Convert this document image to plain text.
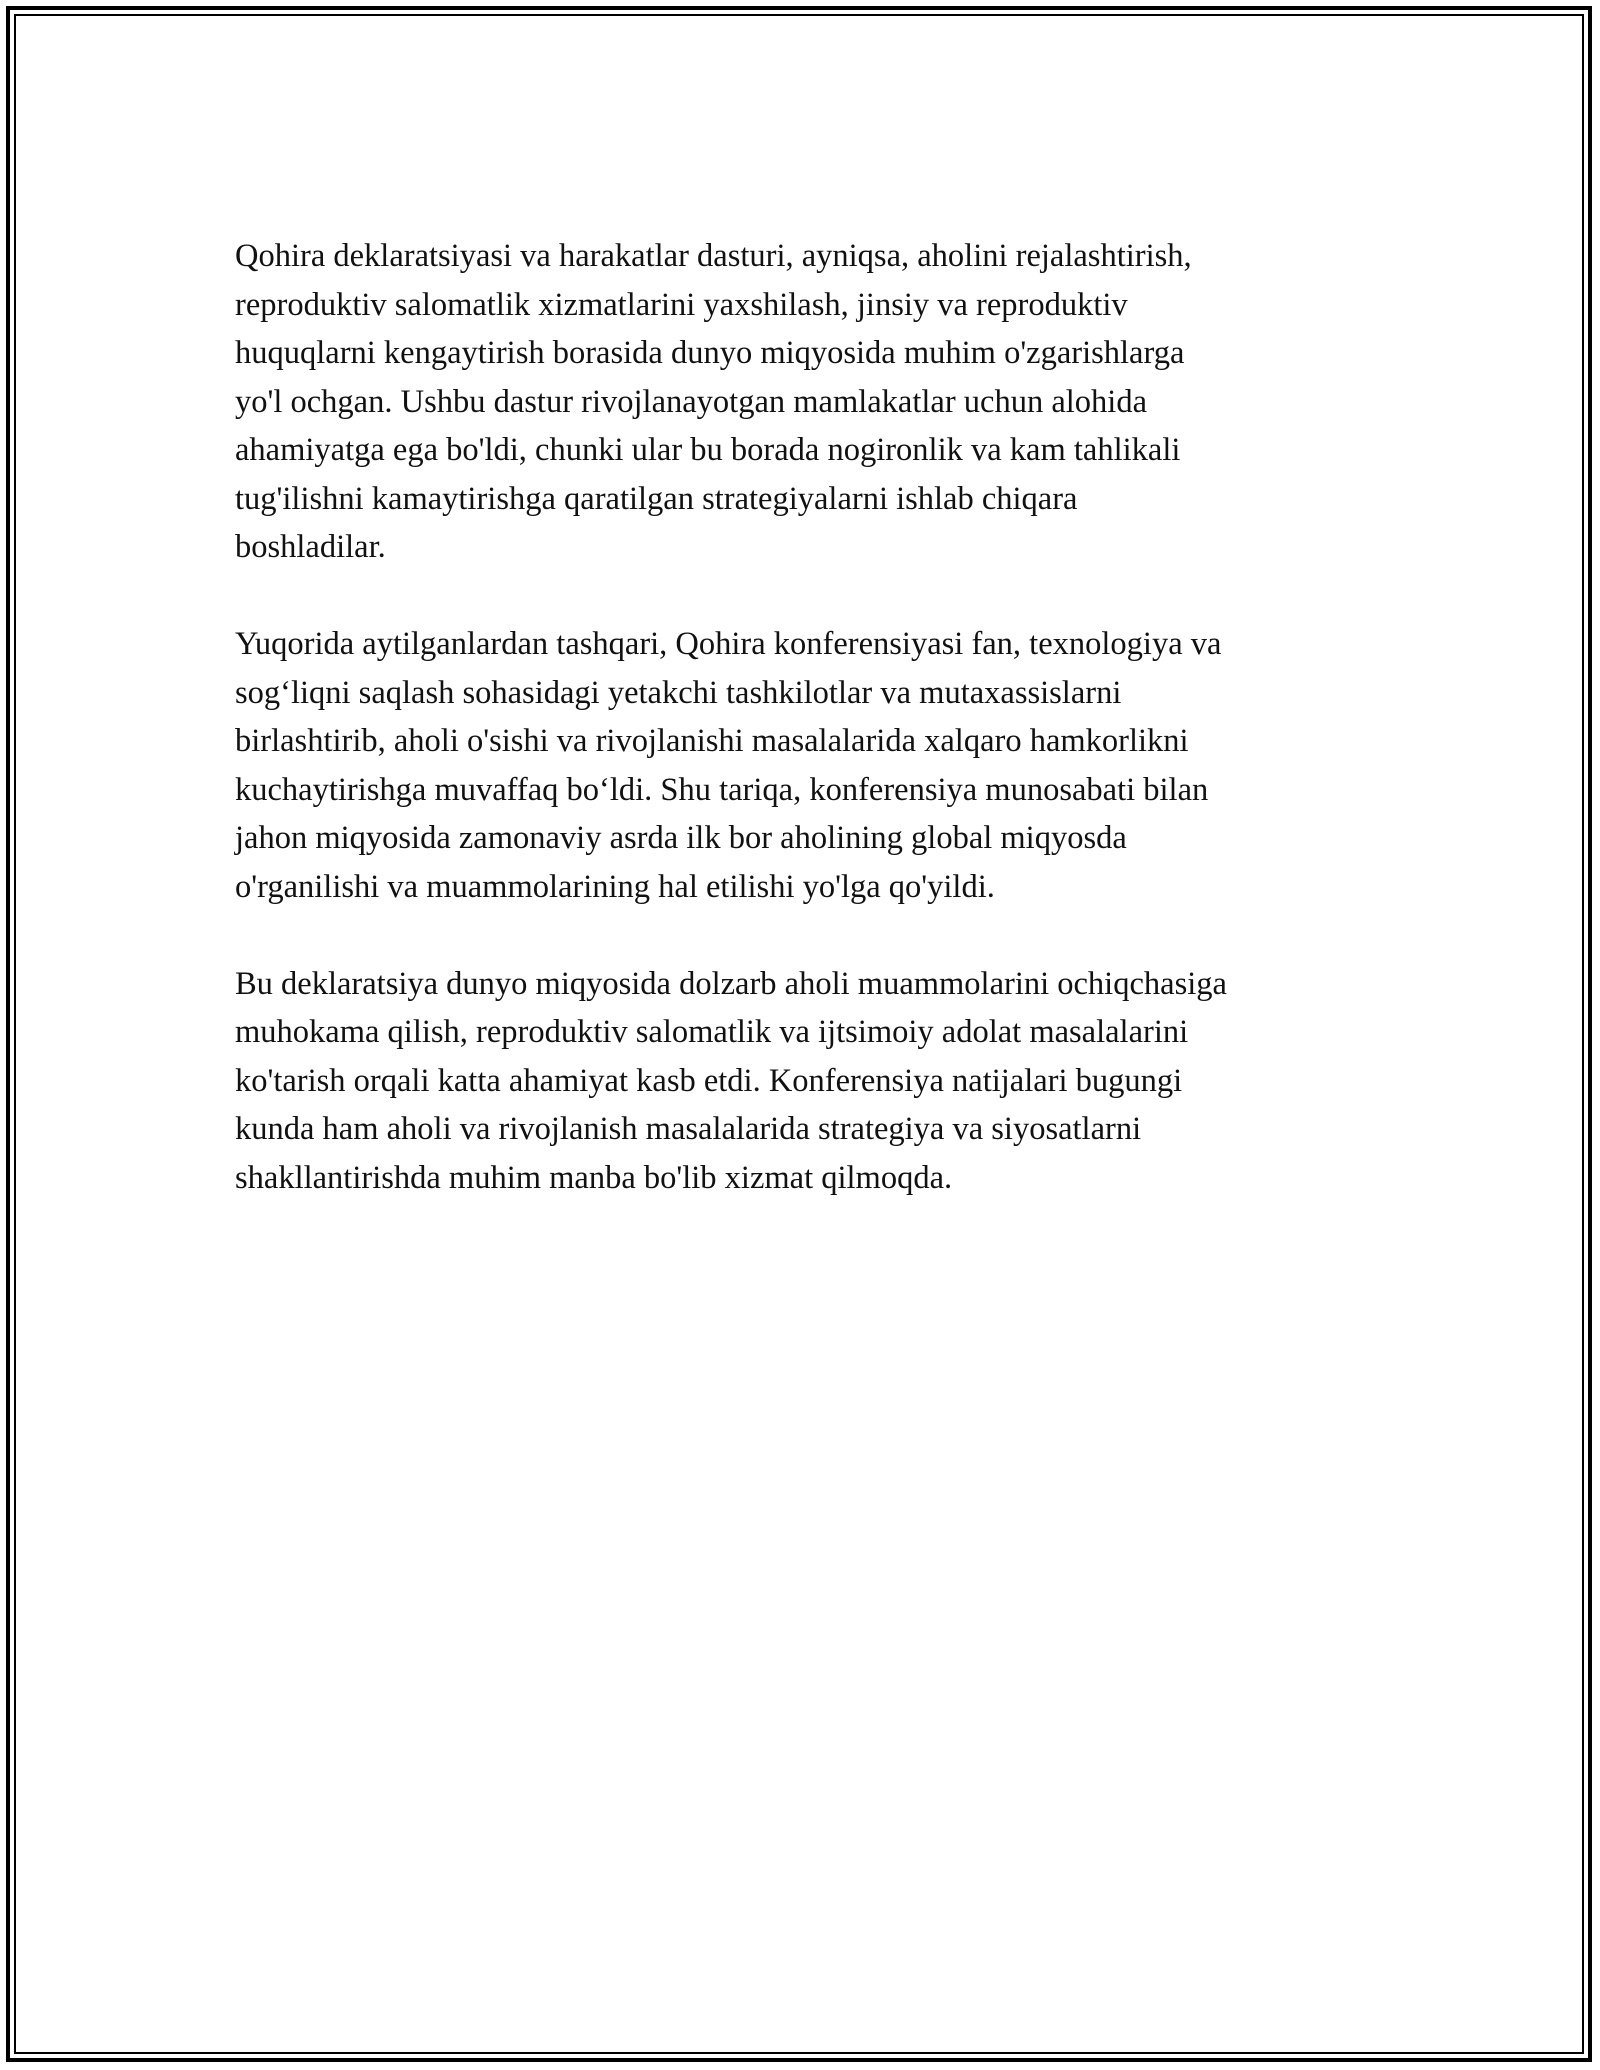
Qohira deklaratsiyasi va harakatlar dasturi, ayniqsa, aholini rejalashtirish,
reproduktiv salomatlik xizmatlarini yaxshilash, jinsiy va reproduktiv
huquqlarni kengaytirish borasida dunyo miqyosida muhim o'zgarishlarga
yo'l ochgan. Ushbu dastur rivojlanayotgan mamlakatlar uchun alohida
ahamiyatga ega bo'ldi, chunki ular bu borada nogironlik va kam tahlikali
tug'ilishni kamaytirishga qaratilgan strategiyalarni ishlab chiqara
boshladilar.

Yuqorida aytilganlardan tashqari, Qohira konferensiyasi fan, texnologiya va
sog‘liqni saqlash sohasidagi yetakchi tashkilotlar va mutaxassislarni
birlashtirib, aholi o'sishi va rivojlanishi masalalarida xalqaro hamkorlikni
kuchaytirishga muvaffaq bo‘ldi. Shu tariqa, konferensiya munosabati bilan
jahon miqyosida zamonaviy asrda ilk bor aholining global miqyosda
o'rganilishi va muammolarining hal etilishi yo'lga qo'yildi.

Bu deklaratsiya dunyo miqyosida dolzarb aholi muammolarini ochiqchasiga
muhokama qilish, reproduktiv salomatlik va ijtsimoiy adolat masalalarini
ko'tarish orqali katta ahamiyat kasb etdi. Konferensiya natijalari bugungi
kunda ham aholi va rivojlanish masalalarida strategiya va siyosatlarni
shakllantirishda muhim manba bo'lib xizmat qilmoqda.
